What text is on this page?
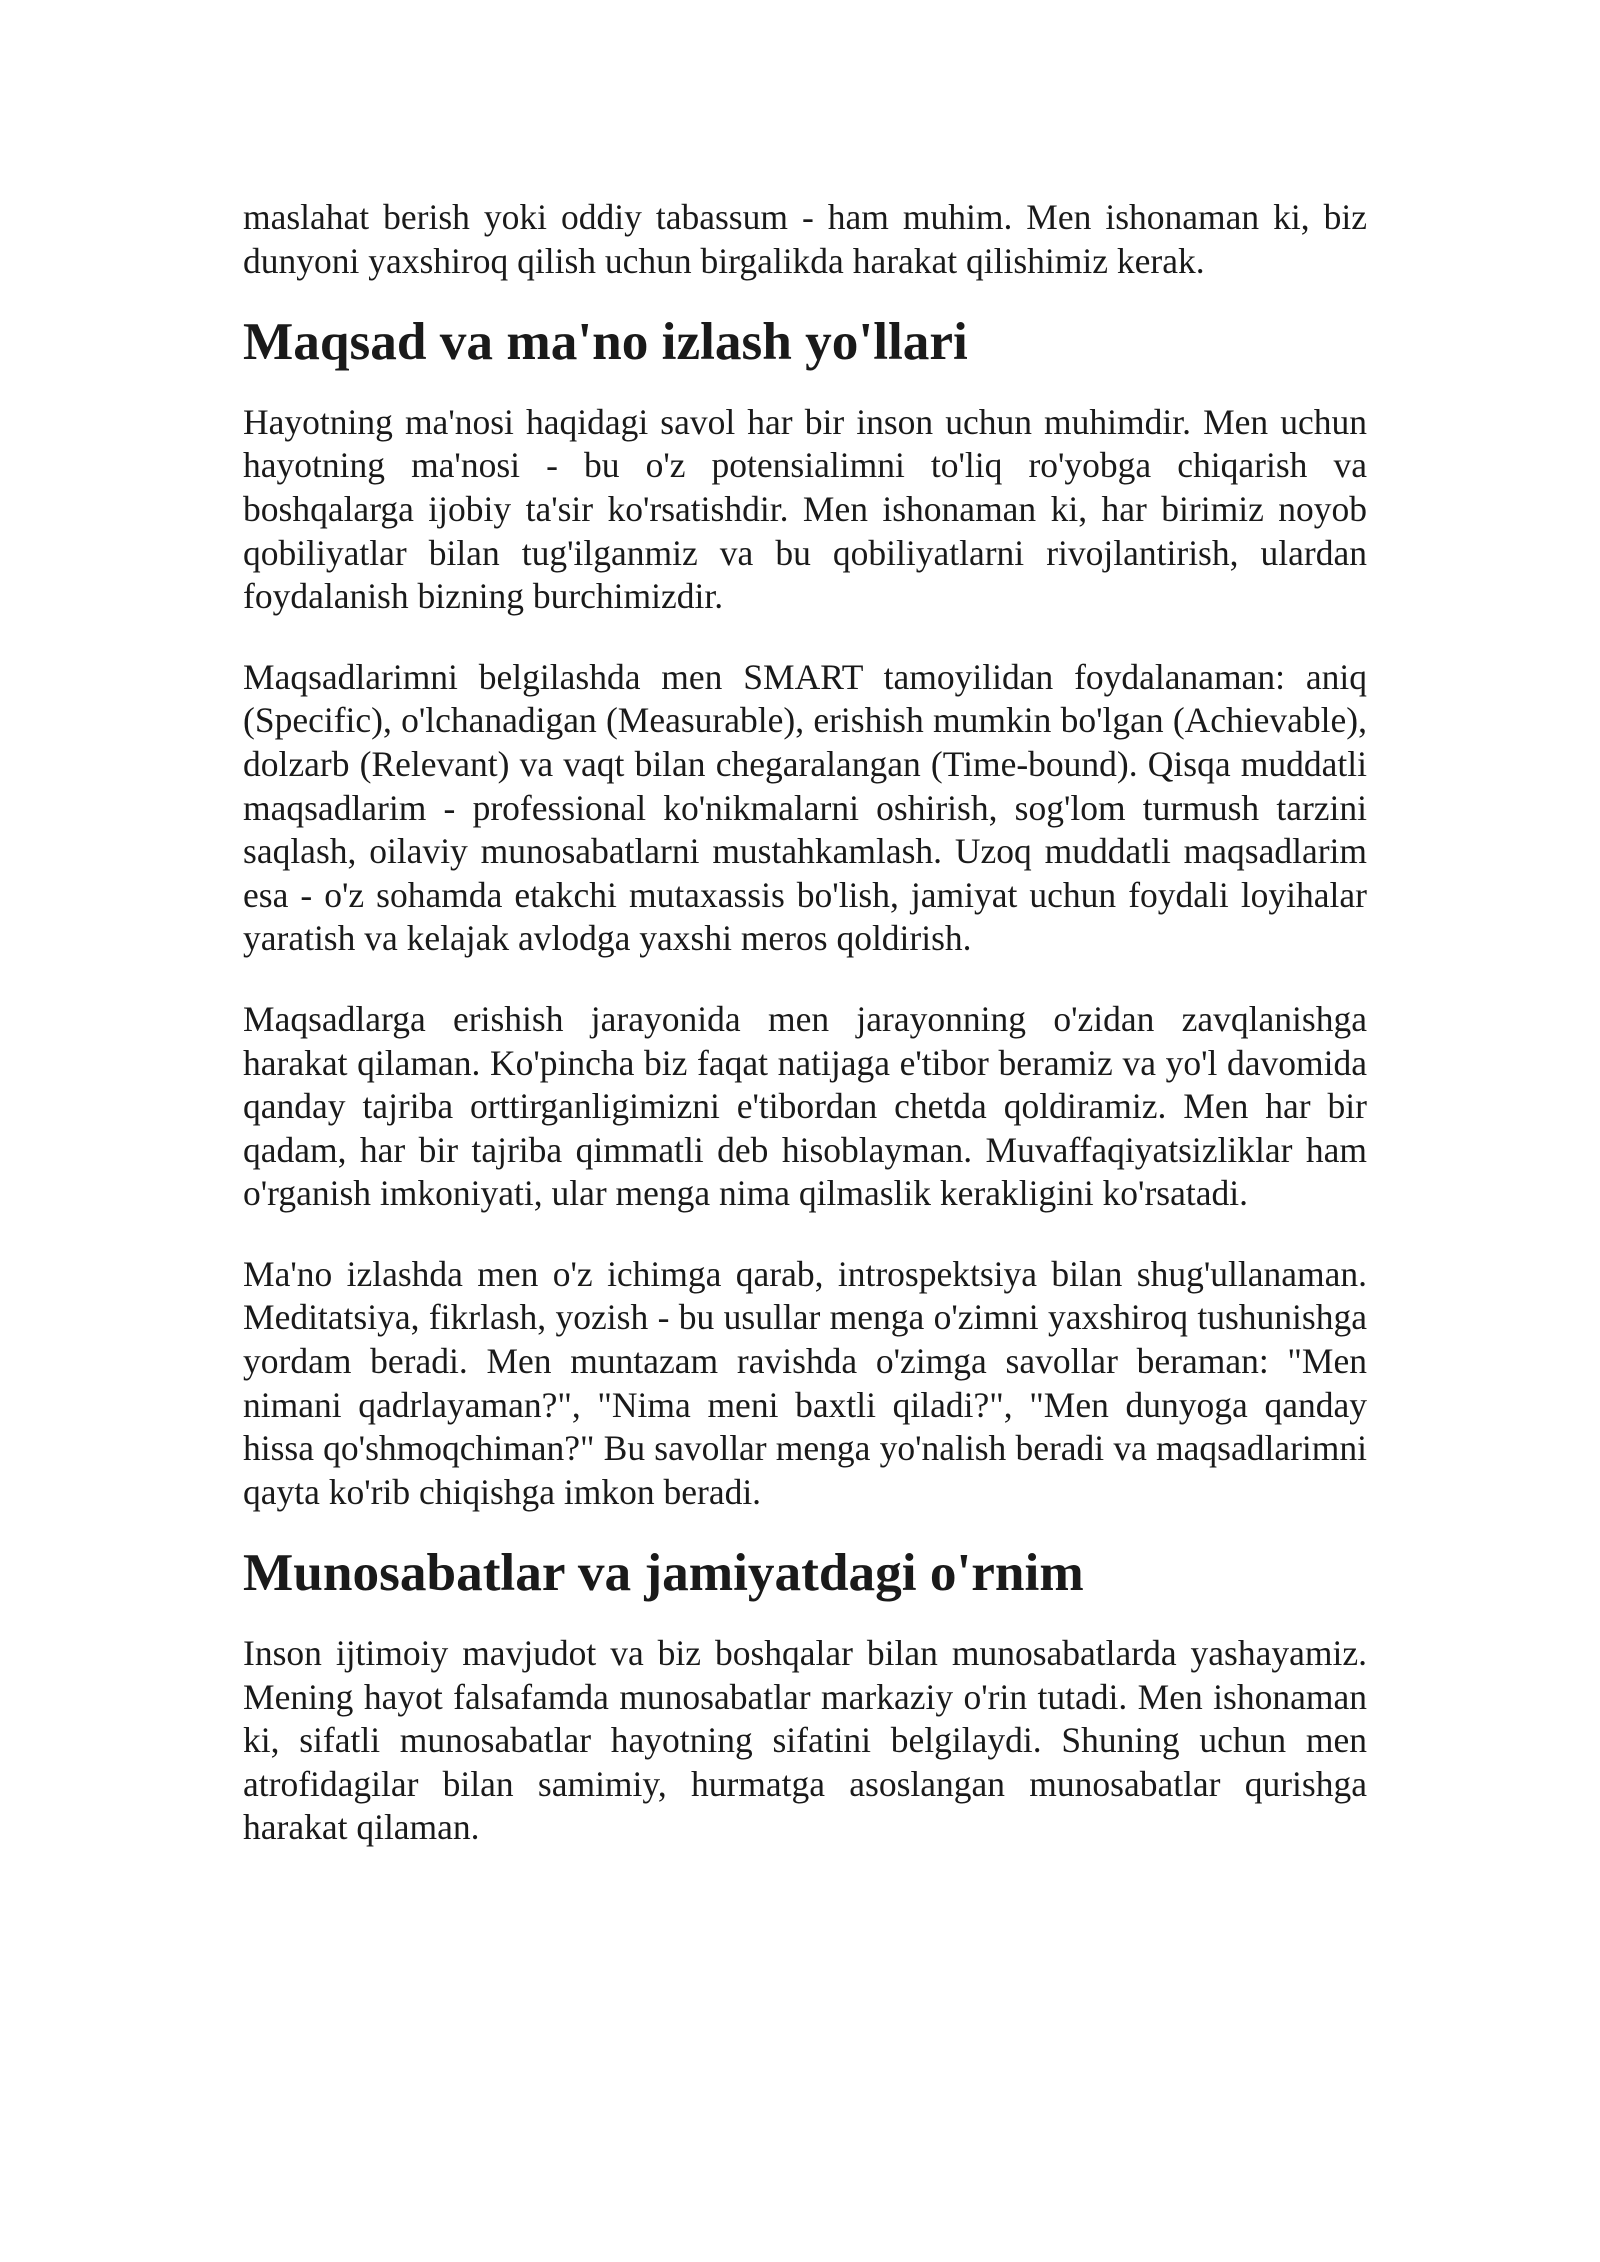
maslahat berish yoki oddiy tabassum - ham muhim. Men ishonaman ki, biz dunyoni yaxshiroq qilish uchun birgalikda harakat qilishimiz kerak.

Maqsad va ma'no izlash yo'llari

Hayotning ma'nosi haqidagi savol har bir inson uchun muhimdir. Men uchun hayotning ma'nosi - bu o'z potensialimni to'liq ro'yobga chiqarish va boshqalarga ijobiy ta'sir ko'rsatishdir. Men ishonaman ki, har birimiz noyob qobiliyatlar bilan tug'ilganmiz va bu qobiliyatlarni rivojlantirish, ulardan foydalanish bizning burchimizdir.

Maqsadlarimni belgilashda men SMART tamoyilidan foydalanaman: aniq (Specific), o'lchanadigan (Measurable), erishish mumkin bo'lgan (Achievable), dolzarb (Relevant) va vaqt bilan chegaralangan (Time-bound). Qisqa muddatli maqsadlarim - professional ko'nikmalarni oshirish, sog'lom turmush tarzini saqlash, oilaviy munosabatlarni mustahkamlash. Uzoq muddatli maqsadlarim esa - o'z sohamda etakchi mutaxassis bo'lish, jamiyat uchun foydali loyihalar yaratish va kelajak avlodga yaxshi meros qoldirish.

Maqsadlarga erishish jarayonida men jarayonning o'zidan zavqlanishga harakat qilaman. Ko'pincha biz faqat natijaga e'tibor beramiz va yo'l davomida qanday tajriba orttirganligimizni e'tibordan chetda qoldiramiz. Men har bir qadam, har bir tajriba qimmatli deb hisoblayman. Muvaffaqiyatsizliklar ham o'rganish imkoniyati, ular menga nima qilmaslik kerakligini ko'rsatadi.

Ma'no izlashda men o'z ichimga qarab, introspektsiya bilan shug'ullanaman. Meditatsiya, fikrlash, yozish - bu usullar menga o'zimni yaxshiroq tushunishga yordam beradi. Men muntazam ravishda o'zimga savollar beraman: "Men nimani qadrlayaman?", "Nima meni baxtli qiladi?", "Men dunyoga qanday hissa qo'shmoqchiman?" Bu savollar menga yo'nalish beradi va maqsadlarimni qayta ko'rib chiqishga imkon beradi.

Munosabatlar va jamiyatdagi o'rnim

Inson ijtimoiy mavjudot va biz boshqalar bilan munosabatlarda yashayamiz. Mening hayot falsafamda munosabatlar markaziy o'rin tutadi. Men ishonaman ki, sifatli munosabatlar hayotning sifatini belgilaydi. Shuning uchun men atrofidagilar bilan samimiy, hurmatga asoslangan munosabatlar qurishga harakat qilaman.
